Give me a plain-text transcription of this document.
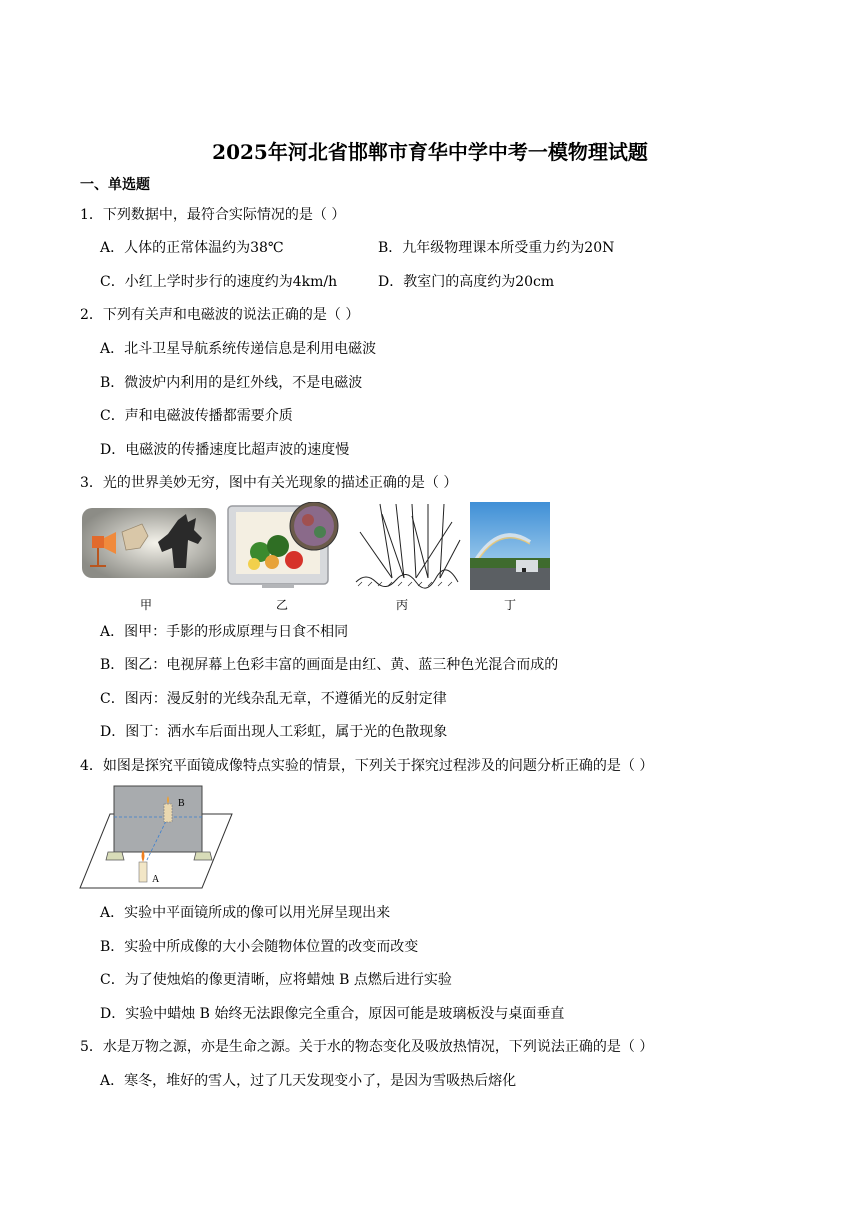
2025年河北省邯郸市育华中学中考一模物理试题
一、单选题
1．下列数据中，最符合实际情况的是（ ）
A．人体的正常体温约为38℃	B．九年级物理课本所受重力约为20N
C．小红上学时步行的速度约为4km/h	D．教室门的高度约为20cm
2．下列有关声和电磁波的说法正确的是（ ）
A．北斗卫星导航系统传递信息是利用电磁波
B．微波炉内利用的是红外线，不是电磁波
C．声和电磁波传播都需要介质
D．电磁波的传播速度比超声波的速度慢
3．光的世界美妙无穷，图中有关光现象的描述正确的是（ ）
甲	乙	丙	丁
A．图甲：手影的形成原理与日食不相同
B．图乙：电视屏幕上色彩丰富的画面是由红、黄、蓝三种色光混合而成的
C．图丙：漫反射的光线杂乱无章，不遵循光的反射定律
D．图丁：洒水车后面出现人工彩虹，属于光的色散现象
4．如图是探究平面镜成像特点实验的情景，下列关于探究过程涉及的问题分析正确的是（ ）
B
A
A．实验中平面镜所成的像可以用光屏呈现出来
B．实验中所成像的大小会随物体位置的改变而改变
C．为了使烛焰的像更清晰，应将蜡烛 B 点燃后进行实验
D．实验中蜡烛 B 始终无法跟像完全重合，原因可能是玻璃板没与桌面垂直
5．水是万物之源，亦是生命之源。关于水的物态变化及吸放热情况，下列说法正确的是（ ）
A．寒冬，堆好的雪人，过了几天发现变小了，是因为雪吸热后熔化
